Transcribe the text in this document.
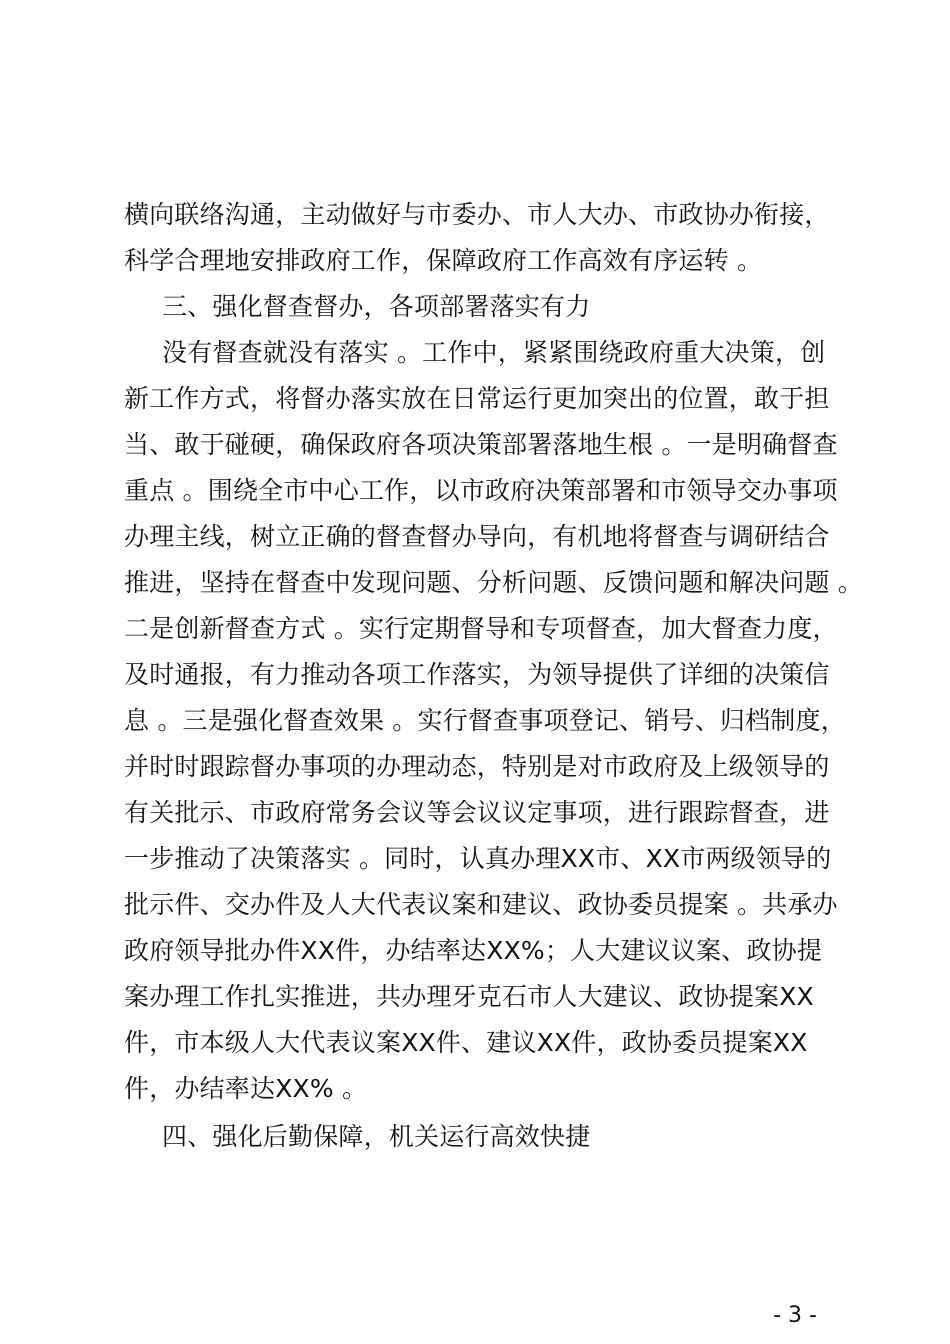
横向联络沟通，主动做好与市委办、市人大办、市政协办衔接，
科学合理地安排政府工作，保障政府工作高效有序运转 。
三、强化督查督办，各项部署落实有力
没有督查就没有落实 。工作中，紧紧围绕政府重大决策，创
新工作方式，将督办落实放在日常运行更加突出的位置，敢于担
当、敢于碰硬，确保政府各项决策部署落地生根 。一是明确督查
重点 。围绕全市中心工作，以市政府决策部署和市领导交办事项
办理主线，树立正确的督查督办导向，有机地将督查与调研结合
推进，坚持在督查中发现问题、分析问题、反馈问题和解决问题 。
二是创新督查方式 。实行定期督导和专项督查，加大督查力度，
及时通报，有力推动各项工作落实，为领导提供了详细的决策信
息 。三是强化督查效果 。实行督查事项登记、销号、归档制度，
并时时跟踪督办事项的办理动态，特别是对市政府及上级领导的
有关批示、市政府常务会议等会议议定事项，进行跟踪督查，进
一步推动了决策落实 。同时，认真办理XX市、XX市两级领导的
批示件、交办件及人大代表议案和建议、政协委员提案 。共承办
政府领导批办件XX件，办结率达XX%；人大建议议案、政协提
案办理工作扎实推进，共办理牙克石市人大建议、政协提案XX
件，市本级人大代表议案XX件、建议XX件，政协委员提案XX
件，办结率达XX% 。
四、强化后勤保障，机关运行高效快捷
- 3 -
